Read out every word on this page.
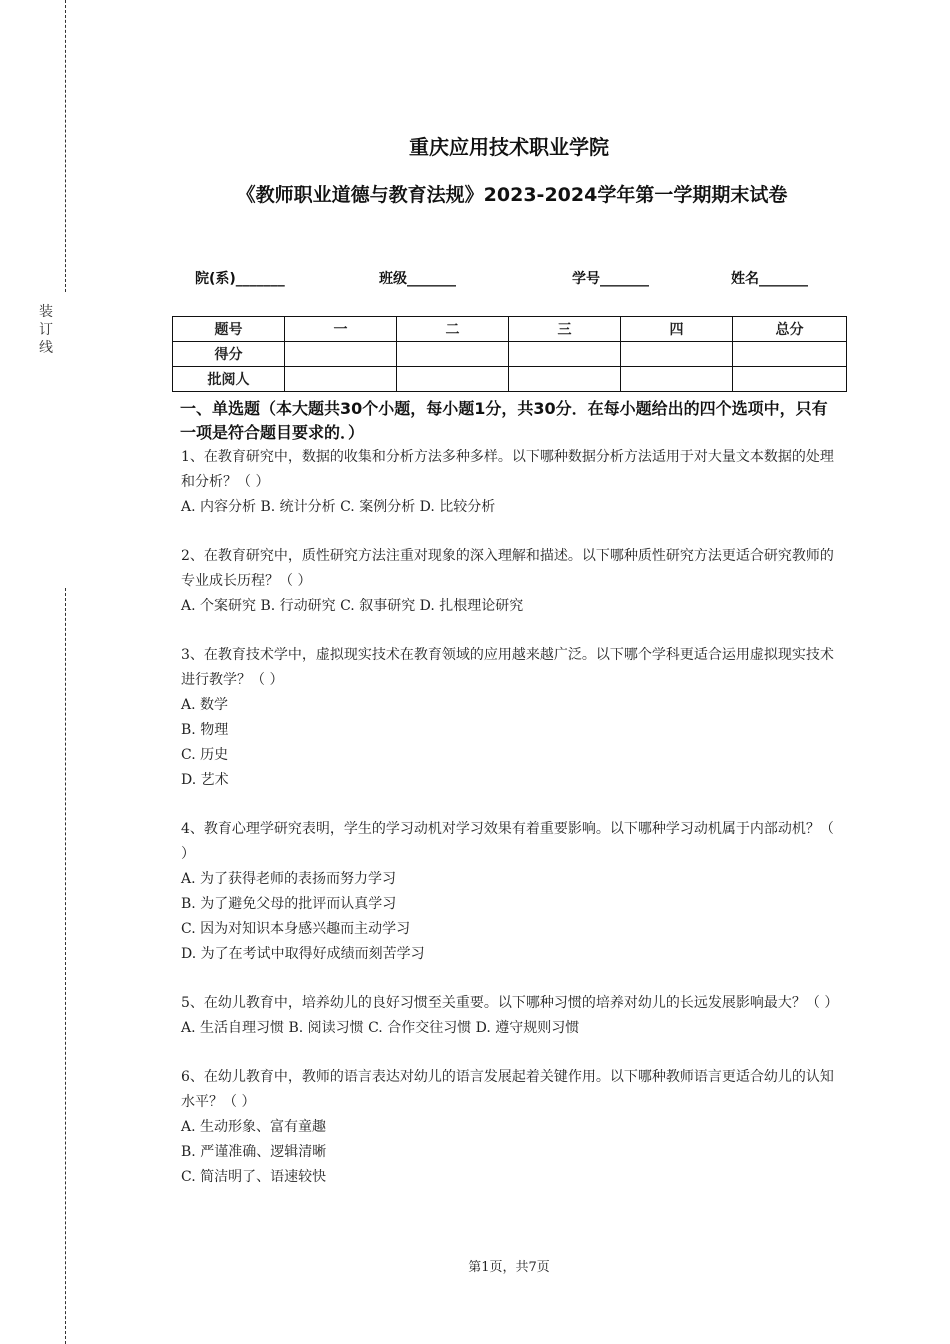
装
订
线
重庆应用技术职业学院
《教师职业道德与教育法规》2023-2024学年第一学期期末试卷
院(系)_______	班级_______	学号_______	姓名_______
题号	一	二	三	四	总分
得分					
批阅人					
一、单选题（本大题共30个小题，每小题1分，共30分．在每小题给出的四个选项中，只有一项是符合题目要求的．）

1、在教育研究中，数据的收集和分析方法多种多样。以下哪种数据分析方法适用于对大量文本数据的处理和分析？（ ）

A. 内容分析 B. 统计分析 C. 案例分析 D. 比较分析

2、在教育研究中，质性研究方法注重对现象的深入理解和描述。以下哪种质性研究方法更适合研究教师的专业成长历程？（ ）

A. 个案研究 B. 行动研究 C. 叙事研究 D. 扎根理论研究

3、在教育技术学中，虚拟现实技术在教育领域的应用越来越广泛。以下哪个学科更适合运用虚拟现实技术进行教学？（ ）

A. 数学

B. 物理

C. 历史

D. 艺术

4、教育心理学研究表明，学生的学习动机对学习效果有着重要影响。以下哪种学习动机属于内部动机？（ ）

A. 为了获得老师的表扬而努力学习

B. 为了避免父母的批评而认真学习

C. 因为对知识本身感兴趣而主动学习

D. 为了在考试中取得好成绩而刻苦学习

5、在幼儿教育中，培养幼儿的良好习惯至关重要。以下哪种习惯的培养对幼儿的长远发展影响最大？（ ）

A. 生活自理习惯 B. 阅读习惯 C. 合作交往习惯 D. 遵守规则习惯

6、在幼儿教育中，教师的语言表达对幼儿的语言发展起着关键作用。以下哪种教师语言更适合幼儿的认知水平？（ ）

A. 生动形象、富有童趣

B. 严谨准确、逻辑清晰

C. 简洁明了、语速较快

第1页，共7页
